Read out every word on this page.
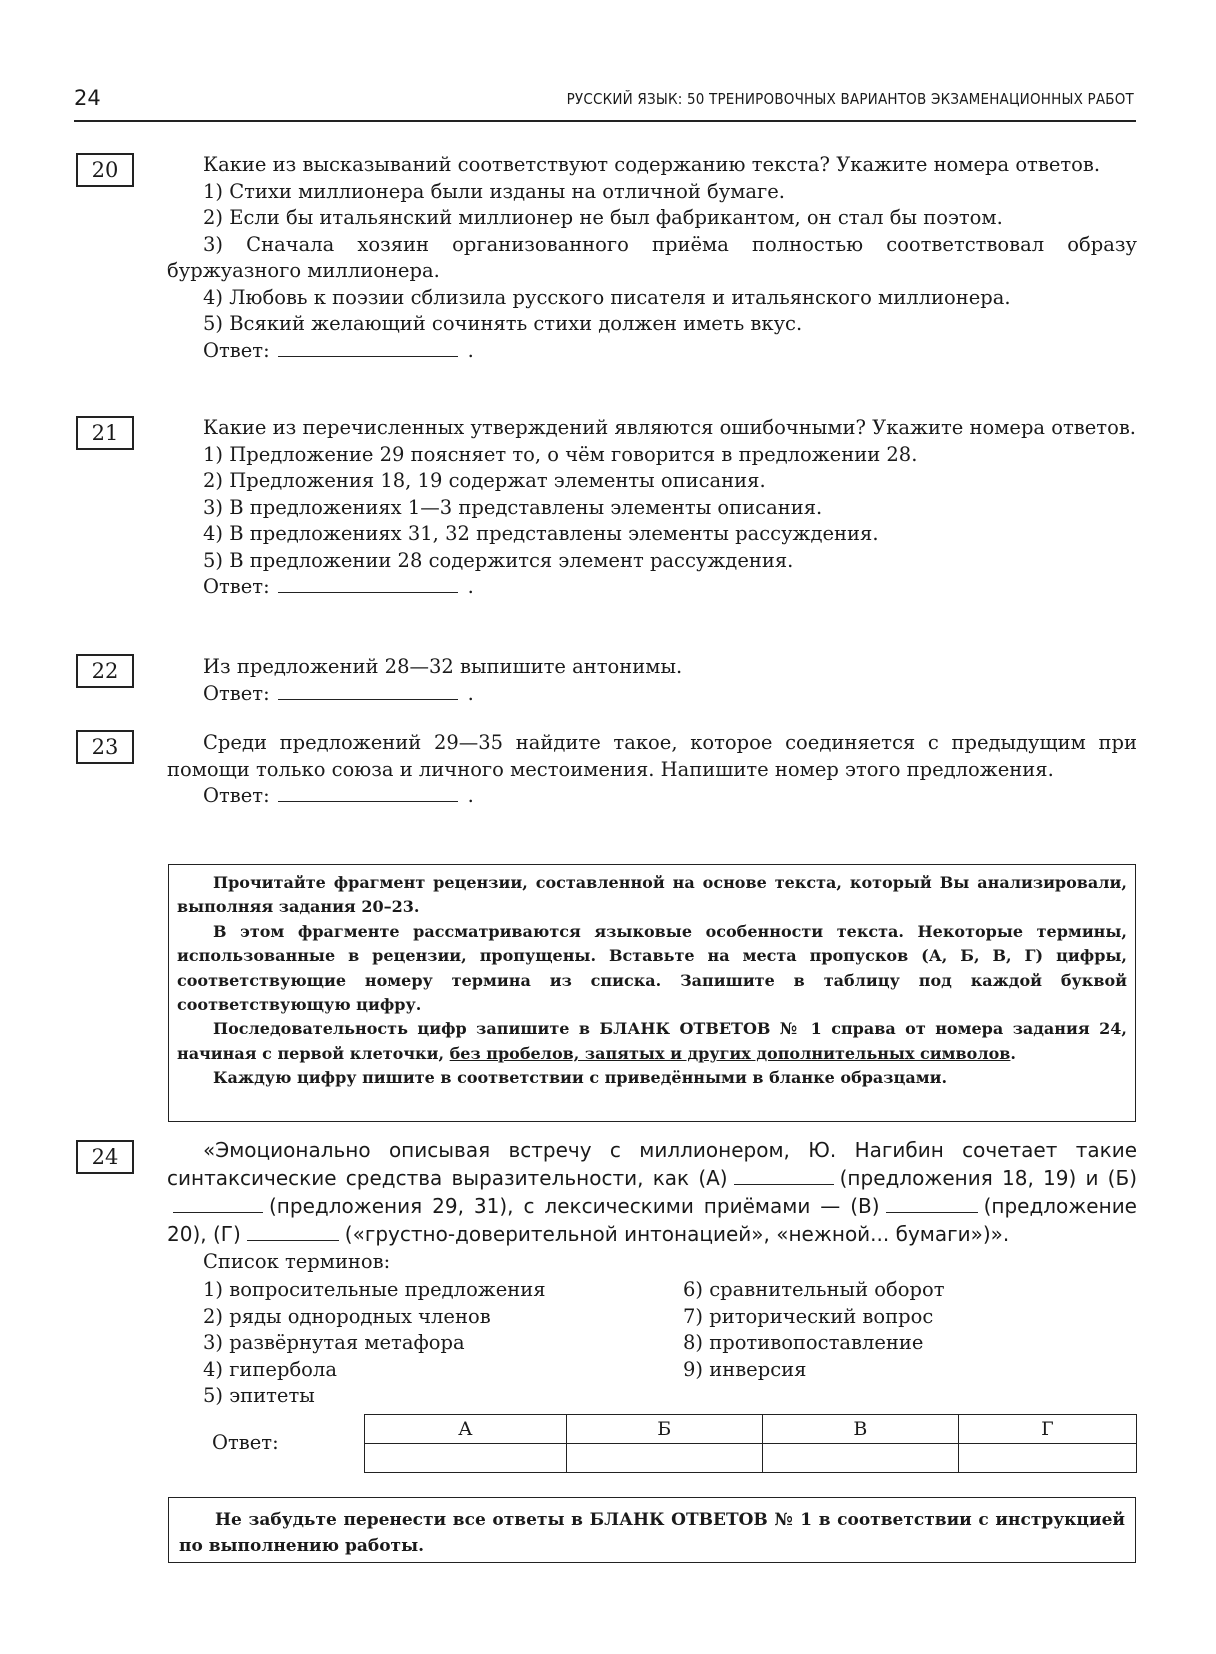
24	РУССКИЙ ЯЗЫК: 50 ТРЕНИРОВОЧНЫХ ВАРИАНТОВ ЭКЗАМЕНАЦИОННЫХ РАБОТ
20	Какие из высказываний соответствуют содержанию текста? Укажите номера ответов.

1) Стихи миллионера были изданы на отличной бумаге.

2) Если бы итальянский миллионер не был фабрикантом, он стал бы поэтом.

3) Сначала хозяин организованного приёма полностью соответствовал образу буржуазного миллионера.

4) Любовь к поэзии сблизила русского писателя и итальянского миллионера.

5) Всякий желающий сочинять стихи должен иметь вкус.

Ответ:	.

21	Какие из перечисленных утверждений являются ошибочными? Укажите номера ответов.

1) Предложение 29 поясняет то, о чём говорится в предложении 28.

2) Предложения 18, 19 содержат элементы описания.

3) В предложениях 1—3 представлены элементы описания.

4) В предложениях 31, 32 представлены элементы рассуждения.

5) В предложении 28 содержится элемент рассуждения.

Ответ:	.

22	Из предложений 28—32 выпишите антонимы.

Ответ:	.

23	Среди предложений 29—35 найдите такое, которое соединяется с предыдущим при помощи только союза и личного местоимения. Напишите номер этого предложения.

Ответ:	.

Прочитайте фрагмент рецензии, составленной на основе текста, который Вы анализировали, выполняя задания 20–23.

В этом фрагменте рассматриваются языковые особенности текста. Некоторые термины, использованные в рецензии, пропущены. Вставьте на места пропусков (А, Б, В, Г) цифры, соответствующие номеру термина из списка. Запишите в таблицу под каждой буквой соответствующую цифру.

Последовательность цифр запишите в БЛАНК ОТВЕТОВ № 1 справа от номера задания 24, начиная с первой клеточки, без пробелов, запятых и других дополнительных символов.

Каждую цифру пишите в соответствии с приведёнными в бланке образцами.

24	«Эмоционально описывая встречу с миллионером, Ю. Нагибин сочетает такие синтаксические средства выразительности, как (А)	(предложения 18, 19) и (Б)(предложения 29, 31), с лексическими приёмами — (В)	(предложение 20), (Г)	(«грустно-доверительной интонацией», «нежной... бумаги»)».

Список терминов:
1) вопросительные предложения
2) ряды однородных членов
3) развёрнутая метафора
4) гипербола
5) эпитеты
6) сравнительный оборот
7) риторический вопрос
8) противопоставление
9) инверсия
Ответ:
А	Б	В	Г

Не забудьте перенести все ответы в БЛАНК ОТВЕТОВ № 1 в соответствии с инструкцией по выполнению работы.
